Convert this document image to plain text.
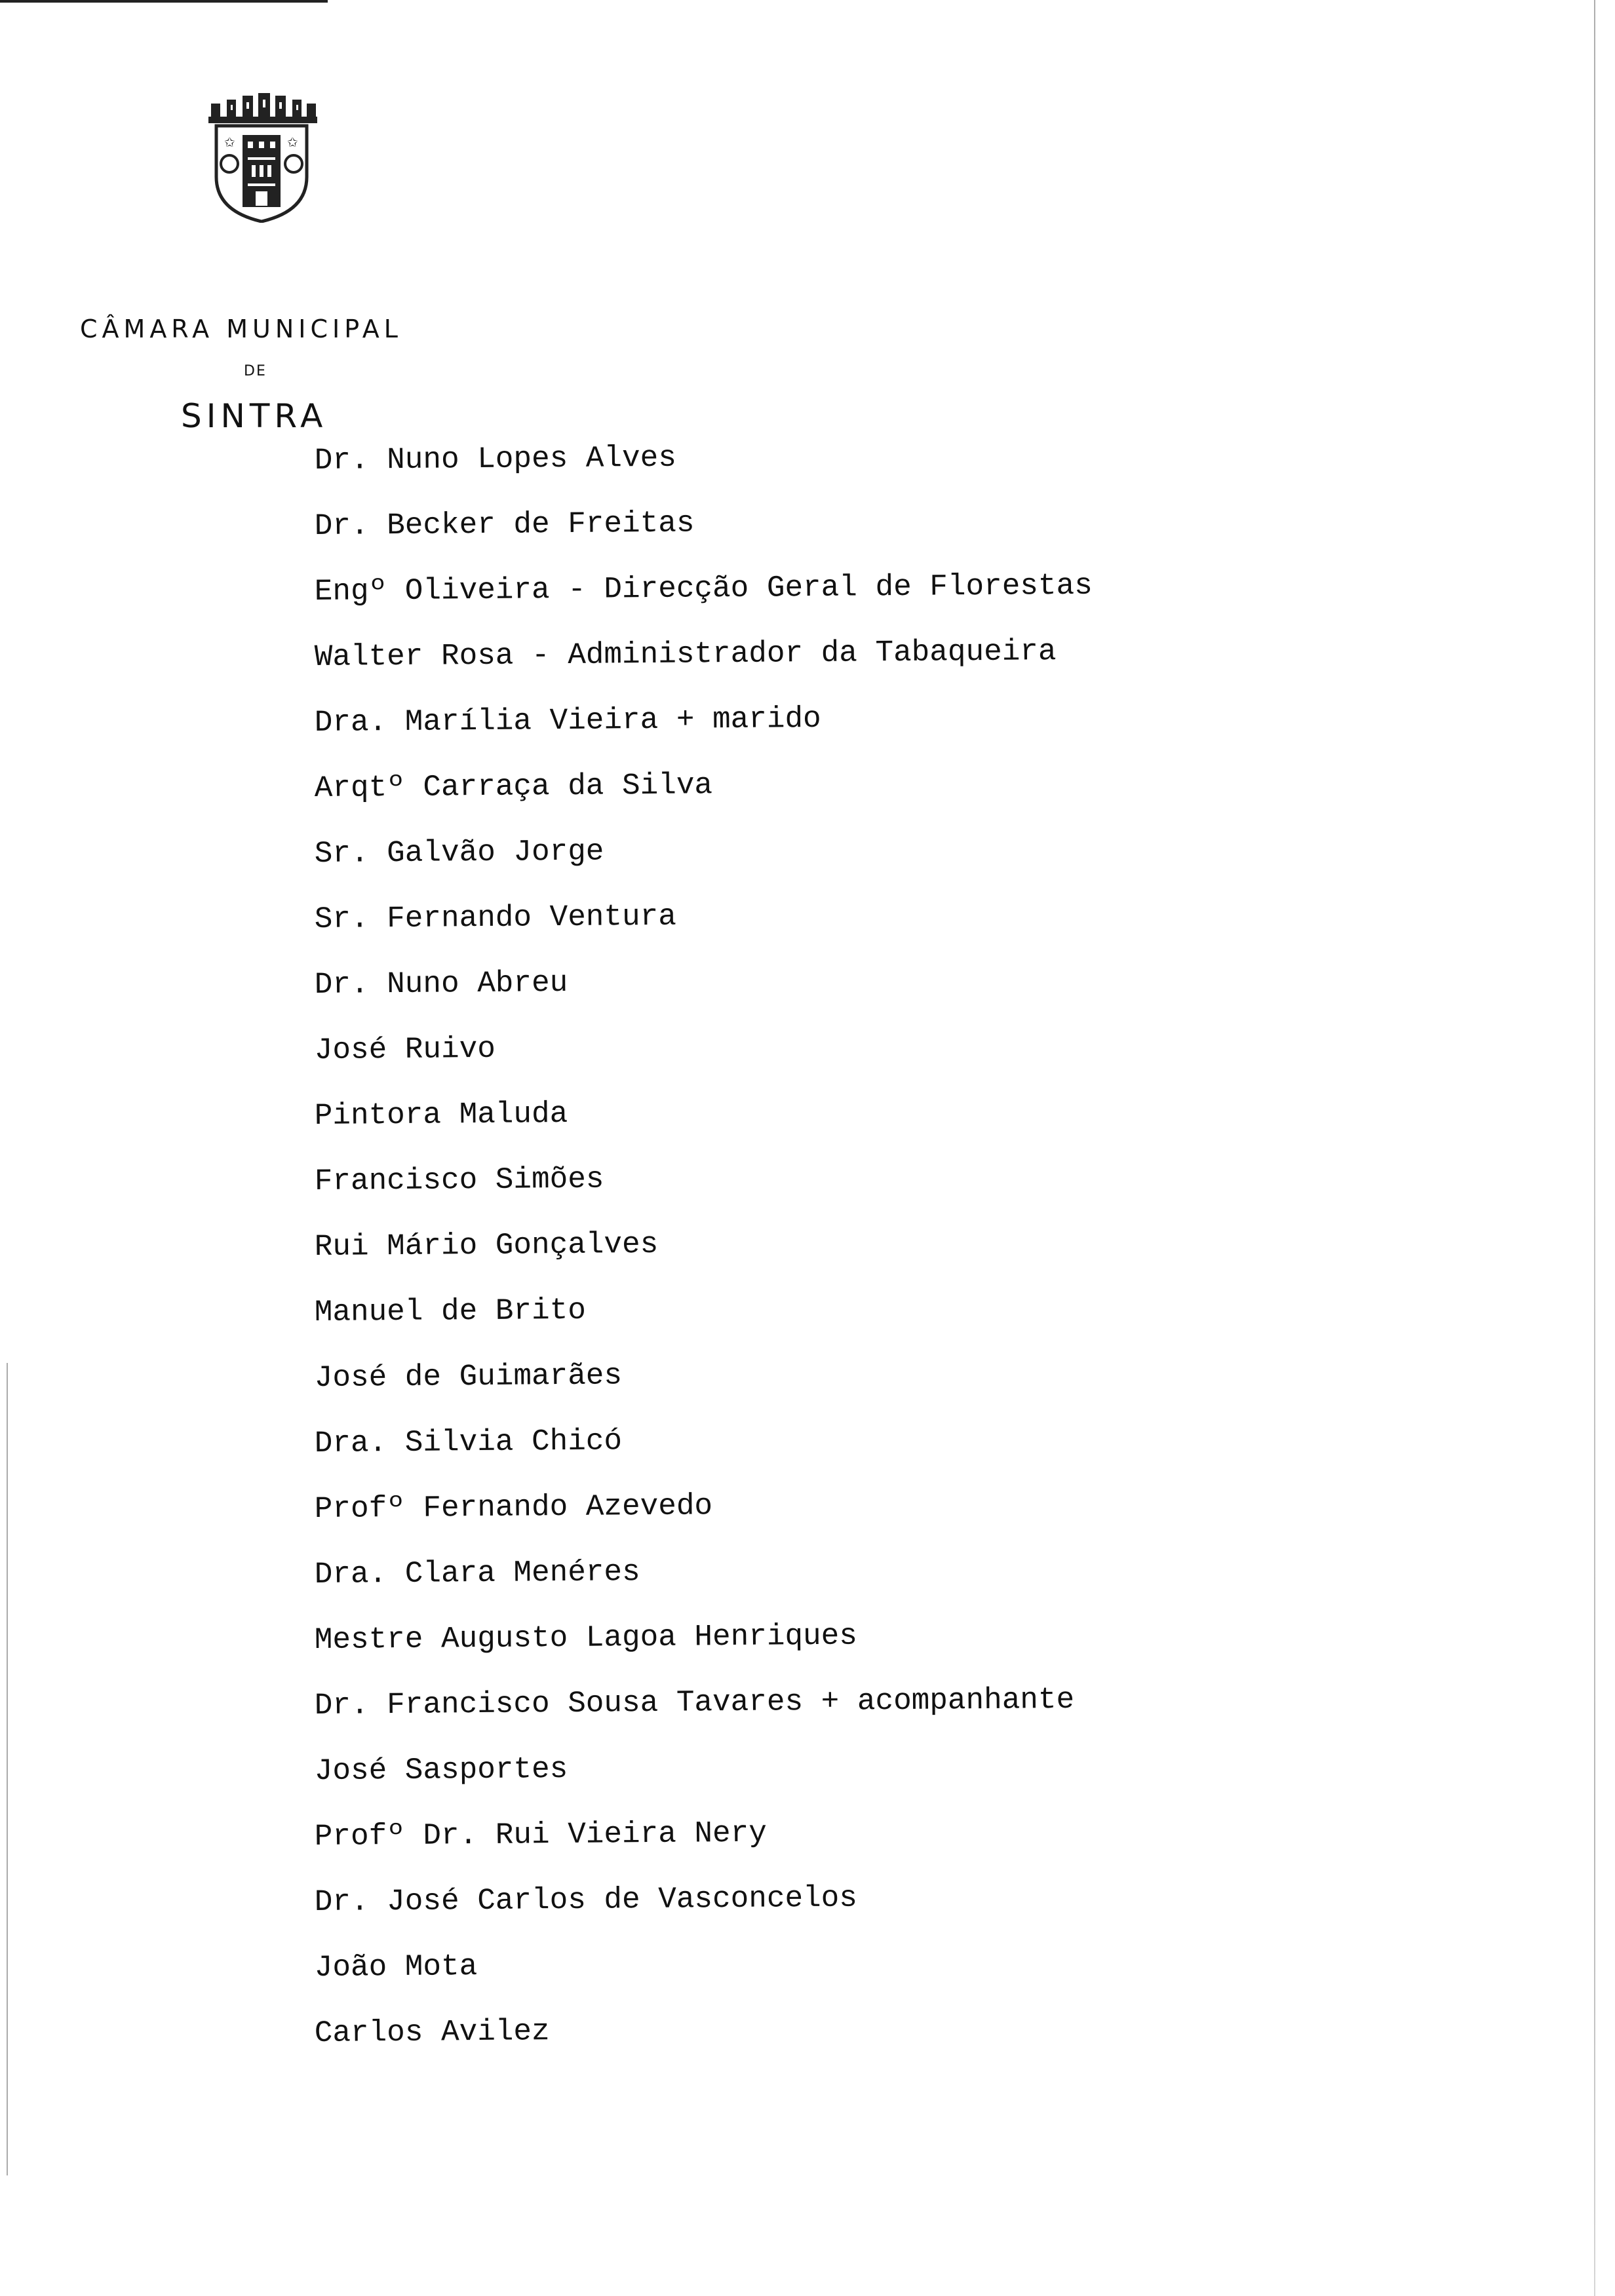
✩	✩
CÂMARA MUNICIPAL
DE
SINTRA
Dr. Nuno Lopes Alves
Dr. Becker de Freitas
Engº Oliveira - Direcção Geral de Florestas
Walter Rosa - Administrador da Tabaqueira
Dra. Marília Vieira + marido
Arqtº Carraça da Silva
Sr. Galvão Jorge
Sr. Fernando Ventura
Dr. Nuno Abreu
José Ruivo
Pintora Maluda
Francisco Simões
Rui Mário Gonçalves
Manuel de Brito
José de Guimarães
Dra. Silvia Chicó
Profº Fernando Azevedo
Dra. Clara Menéres
Mestre Augusto Lagoa Henriques
Dr. Francisco Sousa Tavares + acompanhante
José Sasportes
Profº Dr. Rui Vieira Nery
Dr. José Carlos de Vasconcelos
João Mota
Carlos Avilez
